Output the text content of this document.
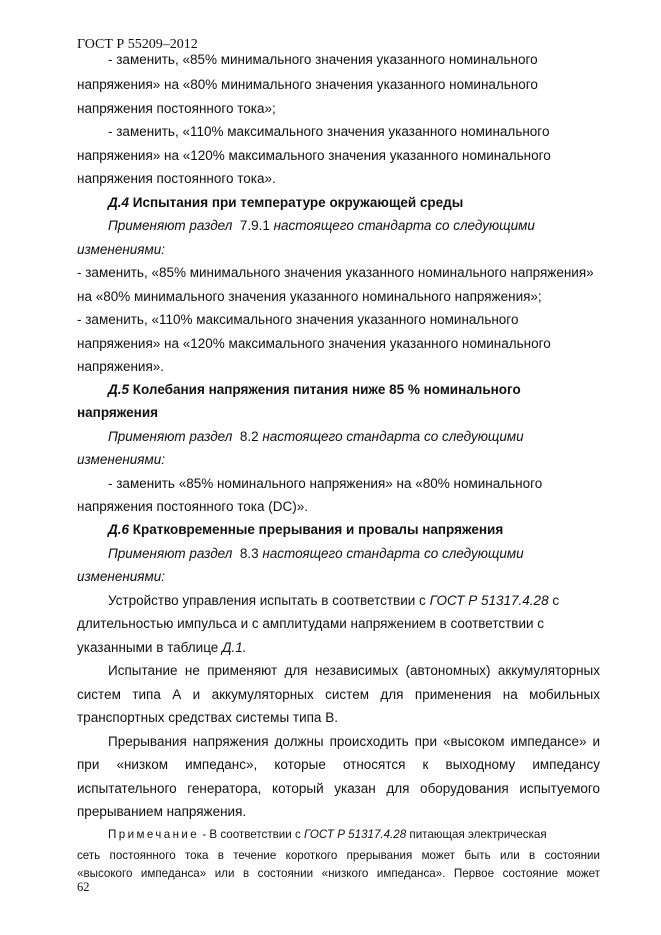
ГОСТ Р 55209–2012
- заменить, «85% минимального значения указанного номинального
напряжения» на «80% минимального значения указанного номинального
напряжения постоянного тока»;
- заменить, «110% максимального значения указанного номинального
напряжения» на «120% максимального значения указанного номинального
напряжения постоянного тока».
Д.4 Испытания при температуре окружающей среды
Применяют раздел  7.9.1 настоящего стандарта со следующими
изменениями:
- заменить, «85% минимального значения указанного номинального напряжения»
на «80% минимального значения указанного номинального напряжения»;
- заменить, «110% максимального значения указанного номинального
напряжения» на «120% максимального значения указанного номинального
напряжения».
Д.5 Колебания напряжения питания ниже 85 % номинального
напряжения
Применяют раздел  8.2 настоящего стандарта со следующими
изменениями:
- заменить «85% номинального напряжения» на «80% номинального
напряжения постоянного тока (DC)».
Д.6 Кратковременные прерывания и провалы напряжения
Применяют раздел  8.3 настоящего стандарта со следующими
изменениями:
Устройство управления испытать в соответствии с ГОСТ Р 51317.4.28 с
длительностью импульса и с амплитудами напряжением в соответствии с
указанными в таблице Д.1.
Испытание не применяют для независимых (автономных) аккумуляторных
систем типа А и аккумуляторных систем для применения на мобильных
транспортных средствах системы типа В.
Прерывания напряжения должны происходить при «высоком импедансе» и
при «низком импеданс», которые относятся к выходному импедансу
испытательного генератора, который указан для оборудования испытуемого
прерыванием напряжения.
Примечание - В соответствии с ГОСТ Р 51317.4.28 питающая электрическая
сеть постоянного тока в течение короткого прерывания может быть или в состоянии
«высокого импеданса» или в состоянии «низкого импеданса». Первое состояние может
62
